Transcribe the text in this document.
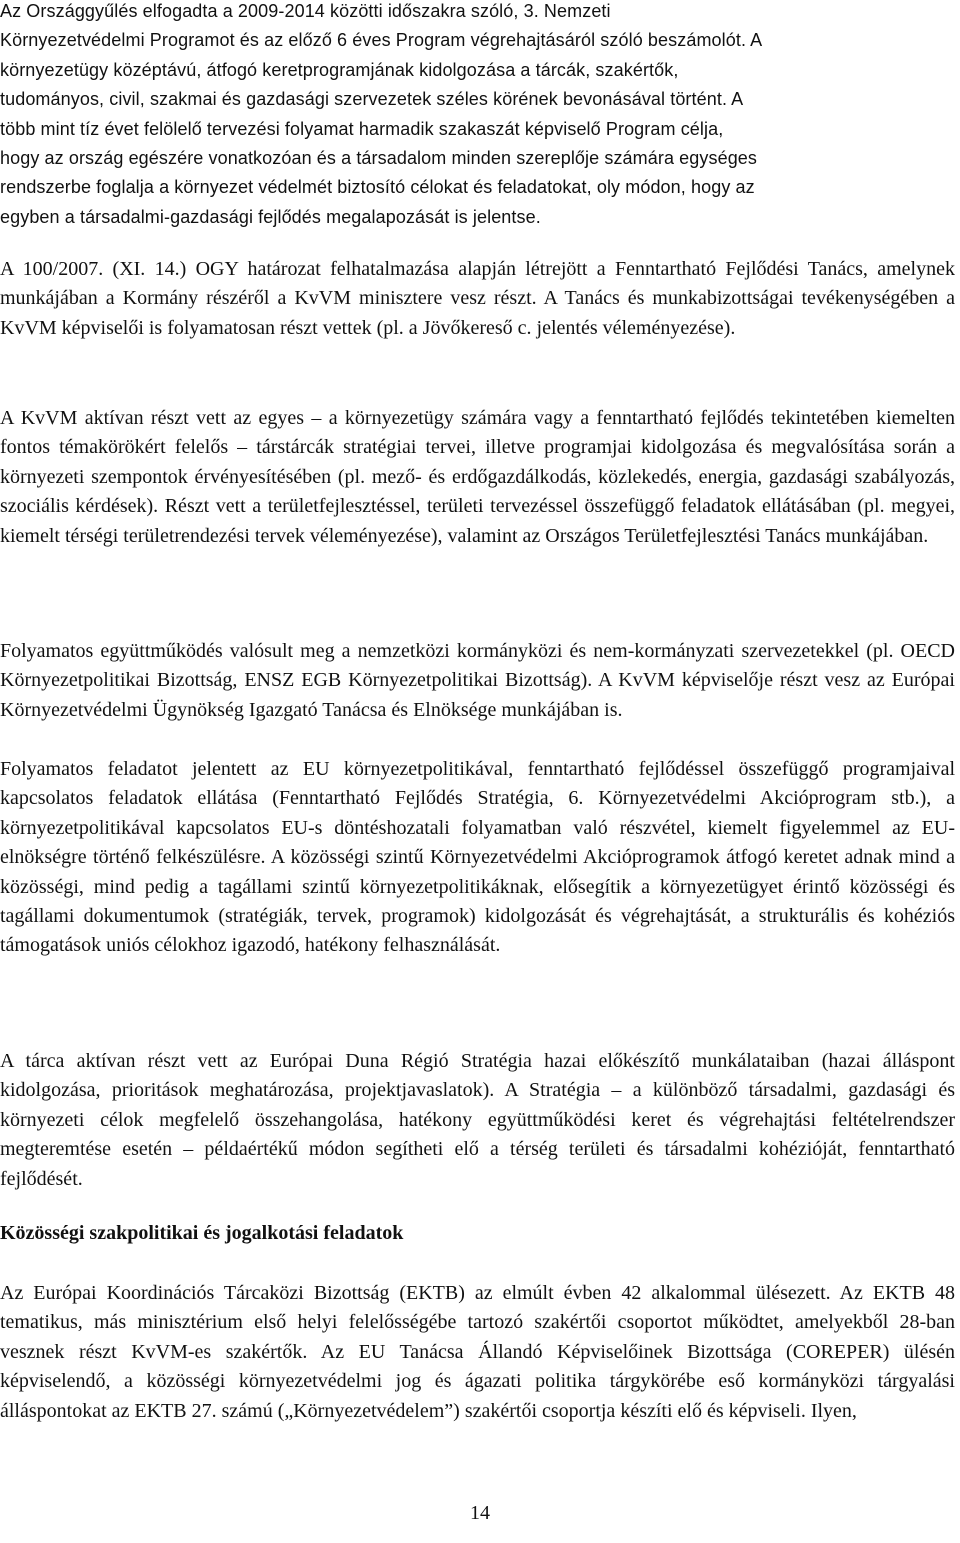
Az Országgyűlés elfogadta a 2009-2014 közötti időszakra szóló, 3. Nemzeti
Környezetvédelmi Programot és az előző 6 éves Program végrehajtásáról szóló beszámolót. A
környezetügy középtávú, átfogó keretprogramjának kidolgozása a tárcák, szakértők,
tudományos, civil, szakmai és gazdasági szervezetek széles körének bevonásával történt. A
több mint tíz évet felölelő tervezési folyamat harmadik szakaszát képviselő Program célja,
hogy az ország egészére vonatkozóan és a társadalom minden szereplője számára egységes
rendszerbe foglalja a környezet védelmét biztosító célokat és feladatokat, oly módon, hogy az
egyben a társadalmi-gazdasági fejlődés megalapozását is jelentse.

A 100/2007. (XI. 14.) OGY határozat felhatalmazása alapján létrejött a Fenntartható Fejlődési Tanács, amelynek munkájában a Kormány részéről a KvVM minisztere vesz részt. A Tanács és munkabizottságai tevékenységében a KvVM képviselői is folyamatosan részt vettek (pl. a Jövőkereső c. jelentés véleményezése).

A KvVM aktívan részt vett az egyes – a környezetügy számára vagy a fenntartható fejlődés tekintetében kiemelten fontos témakörökért felelős – társtárcák stratégiai tervei, illetve programjai kidolgozása és megvalósítása során a környezeti szempontok érvényesítésében (pl. mező- és erdőgazdálkodás, közlekedés, energia, gazdasági szabályozás, szociális kérdések). Részt vett a területfejlesztéssel, területi tervezéssel összefüggő feladatok ellátásában (pl. megyei, kiemelt térségi területrendezési tervek véleményezése), valamint az Országos Területfejlesztési Tanács munkájában.

Folyamatos együttműködés valósult meg a nemzetközi kormányközi és nem-kormányzati szervezetekkel (pl. OECD Környezetpolitikai Bizottság, ENSZ EGB Környezetpolitikai Bizottság). A KvVM képviselője részt vesz az Európai Környezetvédelmi Ügynökség Igazgató Tanácsa és Elnöksége munkájában is.

Folyamatos feladatot jelentett az EU környezetpolitikával, fenntartható fejlődéssel összefüggő programjaival kapcsolatos feladatok ellátása (Fenntartható Fejlődés Stratégia, 6. Környezetvédelmi Akcióprogram stb.), a környezetpolitikával kapcsolatos EU-s döntéshozatali folyamatban való részvétel, kiemelt figyelemmel az EU-elnökségre történő felkészülésre. A közösségi szintű Környezetvédelmi Akcióprogramok átfogó keretet adnak mind a közösségi, mind pedig a tagállami szintű környezetpolitikáknak, elősegítik a környezetügyet érintő közösségi és tagállami dokumentumok (stratégiák, tervek, programok) kidolgozását és végrehajtását, a strukturális és kohéziós támogatások uniós célokhoz igazodó, hatékony felhasználását.

A tárca aktívan részt vett az Európai Duna Régió Stratégia hazai előkészítő munkálataiban (hazai álláspont kidolgozása, prioritások meghatározása, projektjavaslatok). A Stratégia – a különböző társadalmi, gazdasági és környezeti célok megfelelő összehangolása, hatékony együttműködési keret és végrehajtási feltételrendszer megteremtése esetén – példaértékű módon segítheti elő a térség területi és társadalmi kohézióját, fenntartható fejlődését.

Közösségi szakpolitikai és jogalkotási feladatok

Az Európai Koordinációs Tárcaközi Bizottság (EKTB) az elmúlt évben 42 alkalommal ülésezett. Az EKTB 48 tematikus, más minisztérium első helyi felelősségébe tartozó szakértői csoportot működtet, amelyekből 28-ban vesznek részt KvVM-es szakértők. Az EU Tanácsa Állandó Képviselőinek Bizottsága (COREPER) ülésén képviselendő, a közösségi környezetvédelmi jog és ágazati politika tárgykörébe eső kormányközi tárgyalási álláspontokat az EKTB 27. számú („Környezetvédelem”) szakértői csoportja készíti elő és képviseli. Ilyen,

14
